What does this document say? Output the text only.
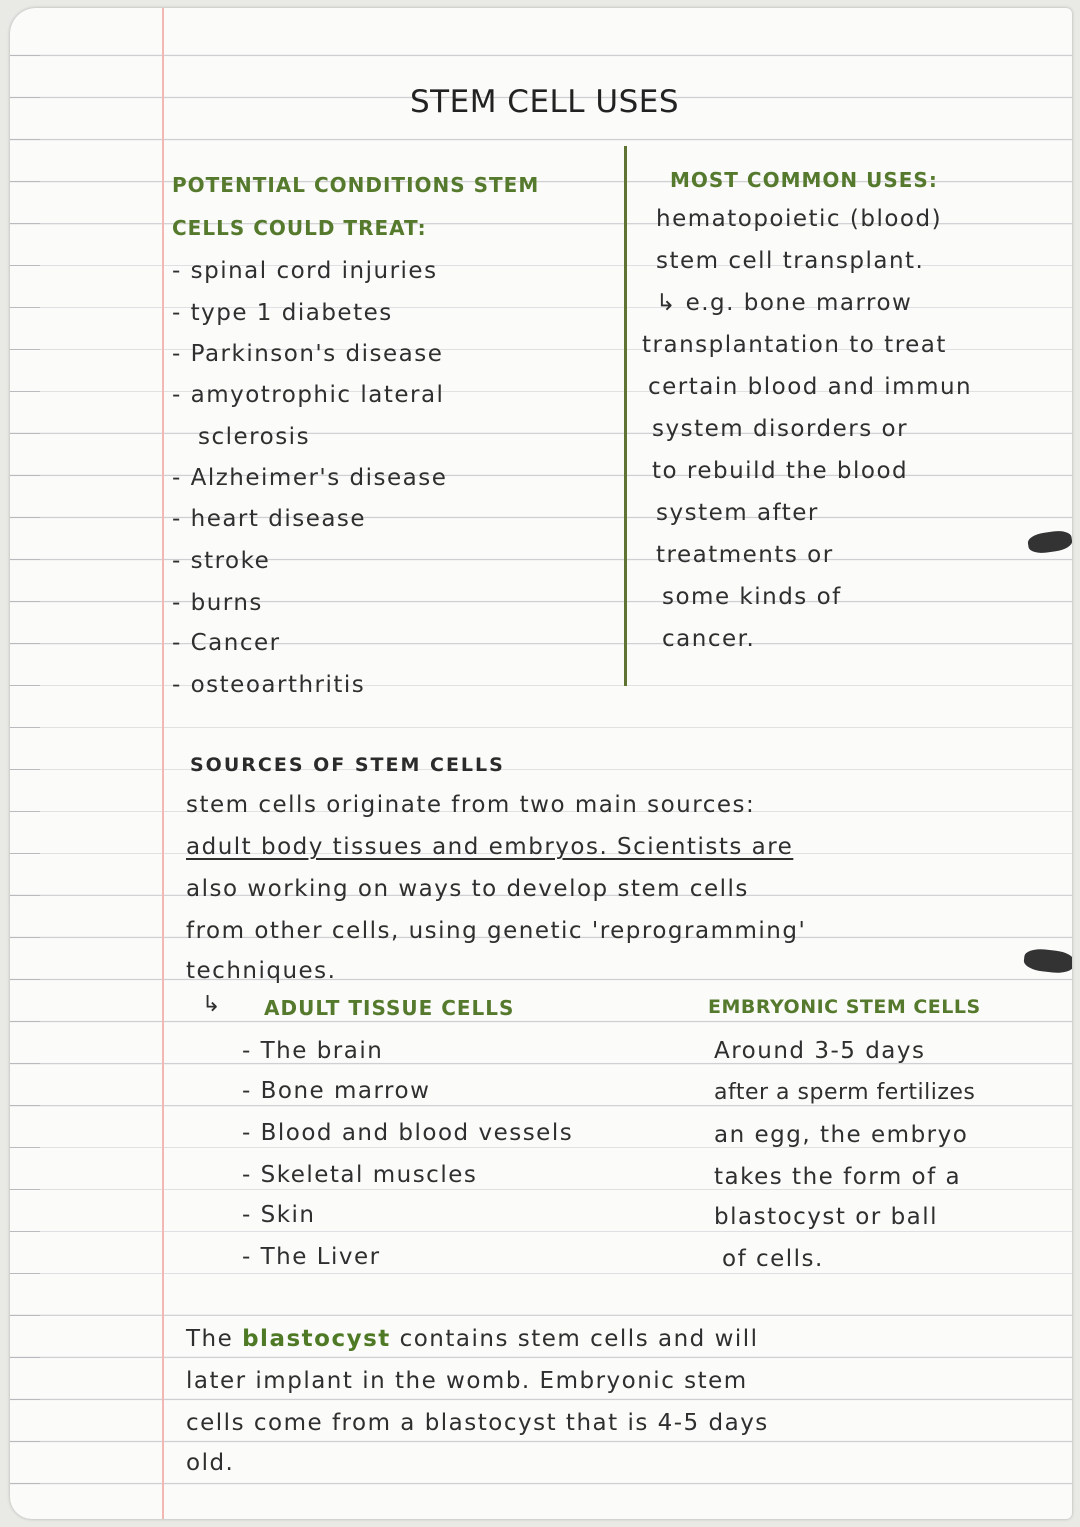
STEM CELL USES

POTENTIAL CONDITIONS STEM

CELLS COULD TREAT:

- spinal cord injuries

- type 1 diabetes

- Parkinson's disease

- amyotrophic lateral

sclerosis

- Alzheimer's disease

- heart disease

- stroke

- burns

- Cancer

- osteoarthritis

MOST COMMON USES:

hematopoietic (blood)

stem cell transplant.

↳ e.g. bone marrow

transplantation to treat

certain blood and immun

system disorders or

to rebuild the blood

system after

treatments or

some kinds of

cancer.

SOURCES OF STEM CELLS

stem cells originate from two main sources:

adult body tissues and embryos. Scientists are

also working on ways to develop stem cells

from other cells, using genetic 'reprogramming'

techniques.

↳ ADULT TISSUE CELLS

- The brain

- Bone marrow

- Blood and blood vessels

- Skeletal muscles

- Skin

- The Liver

EMBRYONIC STEM CELLS

Around 3-5 days

after a sperm fertilizes

an egg, the embryo

takes the form of a

blastocyst or ball

of cells.

The blastocyst contains stem cells and will

later implant in the womb. Embryonic stem

cells come from a blastocyst that is 4-5 days

old.
